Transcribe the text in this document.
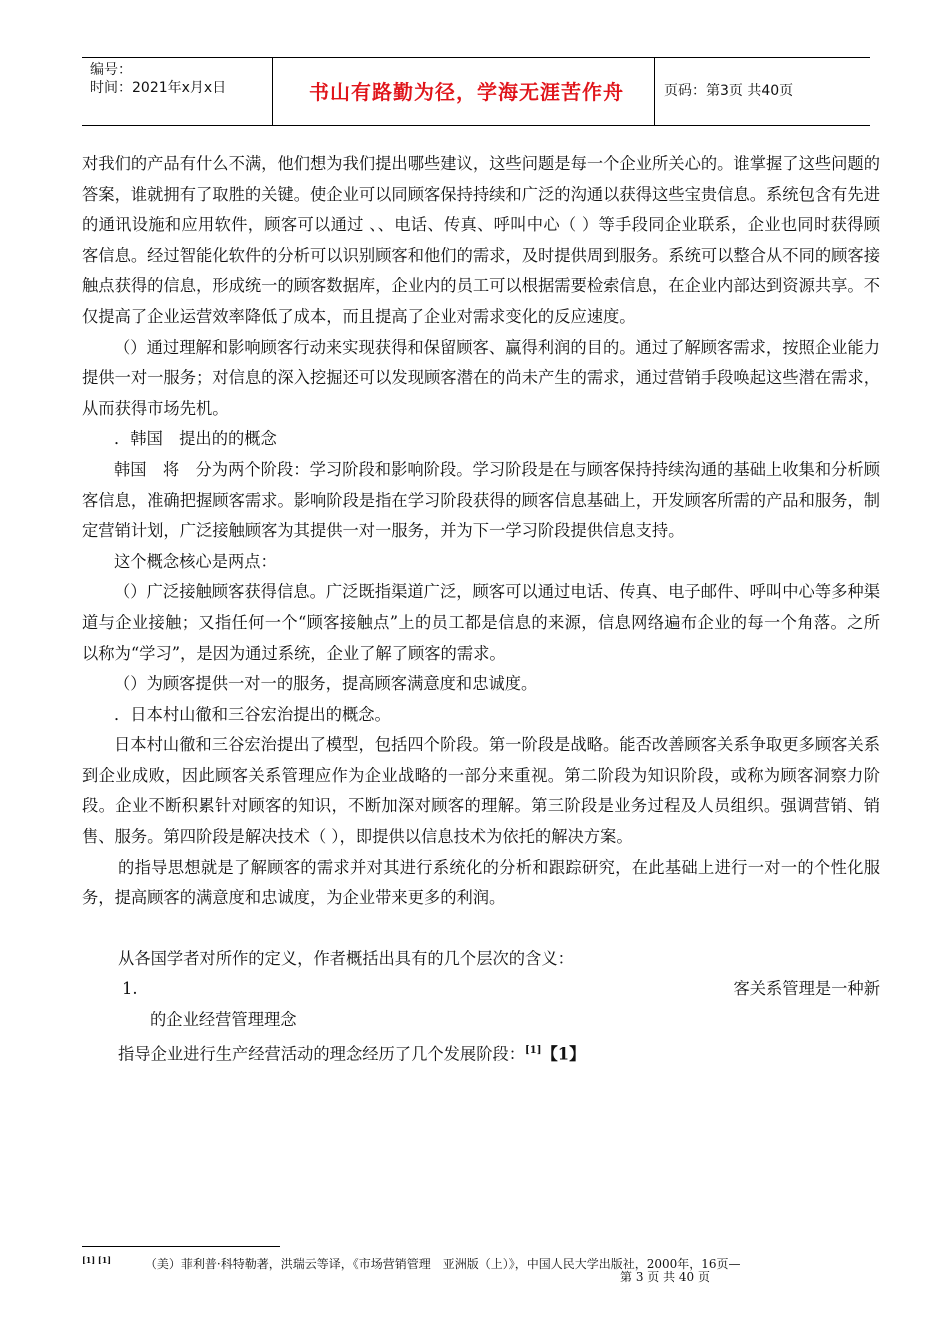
编号：
时间：2021年x月x日	书山有路勤为径，学海无涯苦作舟	页码：第3页 共40页

对我们的产品有什么不满，他们想为我们提出哪些建议，这些问题是每一个企业所关心的。谁掌握了这些问题的答案，谁就拥有了取胜的关键。使企业可以同顾客保持持续和广泛的沟通以获得这些宝贵信息。系统包含有先进的通讯设施和应用软件，顾客可以通过 、、电话、传真、呼叫中心（ ）等手段同企业联系，企业也同时获得顾客信息。经过智能化软件的分析可以识别顾客和他们的需求，及时提供周到服务。系统可以整合从不同的顾客接触点获得的信息，形成统一的顾客数据库，企业内的员工可以根据需要检索信息，在企业内部达到资源共享。不仅提高了企业运营效率降低了成本，而且提高了企业对需求变化的反应速度。

（）通过理解和影响顾客行动来实现获得和保留顾客、赢得利润的目的。通过了解顾客需求，按照企业能力提供一对一服务；对信息的深入挖掘还可以发现顾客潜在的尚未产生的需求，通过营销手段唤起这些潜在需求，从而获得市场先机。

．韩国　提出的的概念

韩国　将　分为两个阶段：学习阶段和影响阶段。学习阶段是在与顾客保持持续沟通的基础上收集和分析顾客信息，准确把握顾客需求。影响阶段是指在学习阶段获得的顾客信息基础上，开发顾客所需的产品和服务，制定营销计划，广泛接触顾客为其提供一对一服务，并为下一学习阶段提供信息支持。

这个概念核心是两点：

（）广泛接触顾客获得信息。广泛既指渠道广泛，顾客可以通过电话、传真、电子邮件、呼叫中心等多种渠道与企业接触；又指任何一个“顾客接触点”上的员工都是信息的来源，信息网络遍布企业的每一个角落。之所以称为“学习”，是因为通过系统，企业了解了顾客的需求。

（）为顾客提供一对一的服务，提高顾客满意度和忠诚度。

．日本村山徹和三谷宏治提出的概念。

日本村山徹和三谷宏治提出了模型，包括四个阶段。第一阶段是战略。能否改善顾客关系争取更多顾客关系到企业成败，因此顾客关系管理应作为企业战略的一部分来重视。第二阶段为知识阶段，或称为顾客洞察力阶段。企业不断积累针对顾客的知识，不断加深对顾客的理解。第三阶段是业务过程及人员组织。强调营销、销售、服务。第四阶段是解决技术（ ），即提供以信息技术为依托的解决方案。

的指导思想就是了解顾客的需求并对其进行系统化的分析和跟踪研究，在此基础上进行一对一的个性化服务，提高顾客的满意度和忠诚度，为企业带来更多的利润。

从各国学者对所作的定义，作者概括出具有的几个层次的含义：

1.	客关系管理是一种新

的企业经营管理理念

指导企业进行生产经营活动的理念经历了几个发展阶段：[1]【1】

[1] [1]	（美）菲利普·科特勒著，洪瑞云等译，《市场营销管理　亚洲版（上）》，中国人民大学出版社，2000年，16页—
第 3 页 共 40 页
